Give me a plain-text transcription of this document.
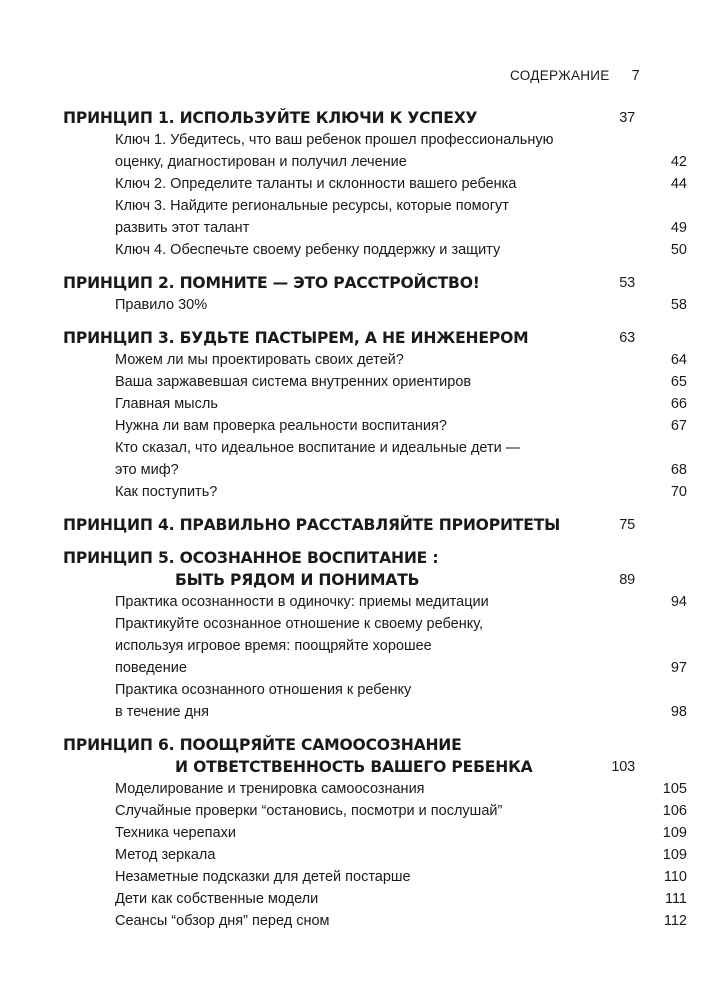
СОДЕРЖАНИЕ 7
ПРИНЦИП 1. ИСПОЛЬЗУЙТЕ КЛЮЧИ К УСПЕХУ	37
Ключ 1. Убедитесь, что ваш ребенок прошел профессиональную
оценку, диагностирован и получил лечение	42
Ключ 2. Определите таланты и склонности вашего ребенка	44
Ключ 3. Найдите региональные ресурсы, которые помогут
развить этот талант	49
Ключ 4. Обеспечьте своему ребенку поддержку и защиту	50
ПРИНЦИП 2. ПОМНИТЕ — ЭТО РАССТРОЙСТВО!	53
Правило 30%	58
ПРИНЦИП 3. БУДЬТЕ ПАСТЫРЕМ, А НЕ ИНЖЕНЕРОМ	63
Можем ли мы проектировать своих детей?	64
Ваша заржавевшая система внутренних ориентиров	65
Главная мысль	66
Нужна ли вам проверка реальности воспитания?	67
Кто сказал, что идеальное воспитание и идеальные дети —
это миф?	68
Как поступить?	70
ПРИНЦИП 4. ПРАВИЛЬНО РАССТАВЛЯЙТЕ ПРИОРИТЕТЫ	75
ПРИНЦИП 5. ОСОЗНАННОЕ ВОСПИТАНИЕ :
БЫТЬ РЯДОМ И ПОНИМАТЬ	89
Практика осознанности в одиночку: приемы медитации	94
Практикуйте осознанное отношение к своему ребенку,
используя игровое время: поощряйте хорошее
поведение	97
Практика осознанного отношения к ребенку
в течение дня	98
ПРИНЦИП 6. ПООЩРЯЙТЕ САМООСОЗНАНИЕ
И ОТВЕТСТВЕННОСТЬ ВАШЕГО РЕБЕНКА	103
Моделирование и тренировка самоосознания	105
Случайные проверки “остановись, посмотри и послушай”	106
Техника черепахи	109
Метод зеркала	109
Незаметные подсказки для детей постарше	110
Дети как собственные модели	111
Сеансы “обзор дня” перед сном	112
